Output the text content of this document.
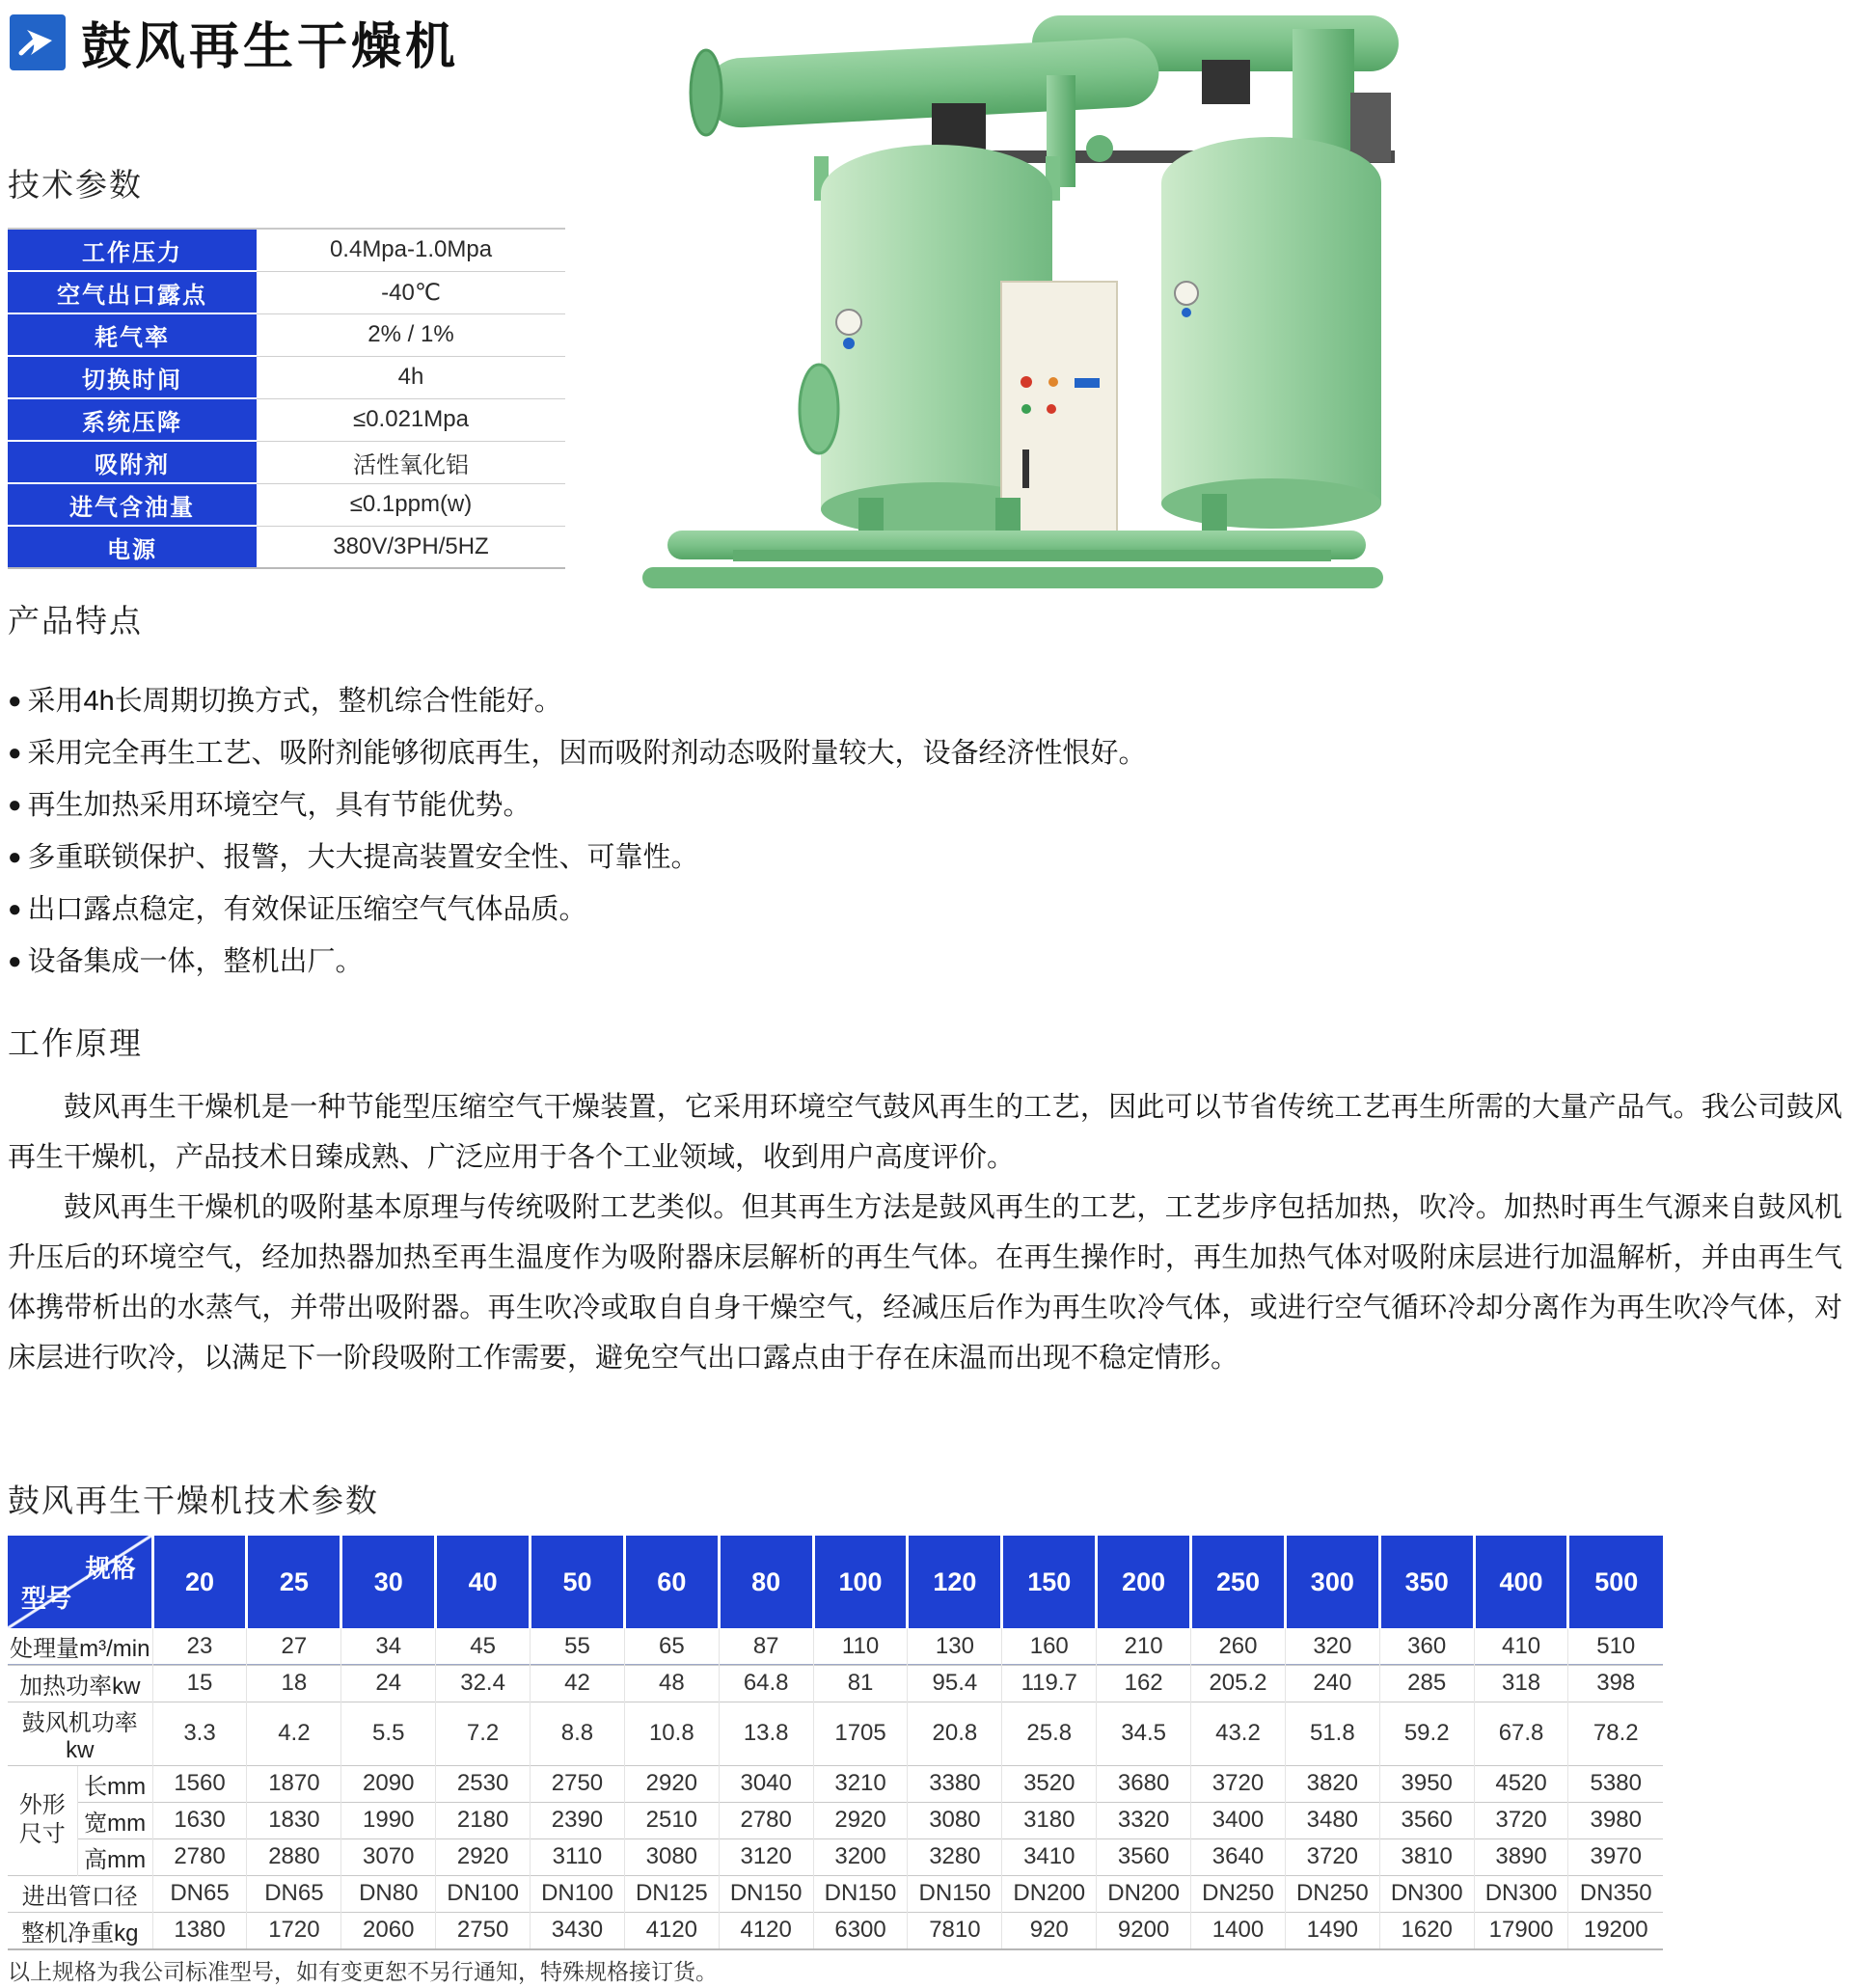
鼓风再生干燥机
技术参数
工作压力	0.4Mpa-1.0Mpa
空气出口露点	-40℃
耗气率	2% / 1%
切换时间	4h
系统压降	≤0.021Mpa
吸附剂	活性氧化铝
进气含油量	≤0.1ppm(w)
电源	380V/3PH/5HZ
产品特点
● 采用4h长周期切换方式，整机综合性能好。
● 采用完全再生工艺、吸附剂能够彻底再生，因而吸附剂动态吸附量较大，设备经济性恨好。
● 再生加热采用环境空气，具有节能优势。
● 多重联锁保护、报警，大大提高装置安全性、可靠性。
● 出口露点稳定，有效保证压缩空气气体品质。
● 设备集成一体，整机出厂。
工作原理

鼓风再生干燥机是一种节能型压缩空气干燥装置，它采用环境空气鼓风再生的工艺，因此可以节省传统工艺再生所需的大量产品气。我公司鼓风再生干燥机，产品技术日臻成熟、广泛应用于各个工业领域，收到用户高度评价。

鼓风再生干燥机的吸附基本原理与传统吸附工艺类似。但其再生方法是鼓风再生的工艺，工艺步序包括加热，吹冷。加热时再生气源来自鼓风机升压后的环境空气，经加热器加热至再生温度作为吸附器床层解析的再生气体。在再生操作时，再生加热气体对吸附床层进行加温解析，并由再生气体携带析出的水蒸气，并带出吸附器。再生吹冷或取自自身干燥空气，经减压后作为再生吹冷气体，或进行空气循环冷却分离作为再生吹冷气体，对床层进行吹冷，以满足下一阶段吸附工作需要，避免空气出口露点由于存在床温而出现不稳定情形。

鼓风再生干燥机技术参数
规格
型号		20	25	30	40	50	60	80	100	120	150	200	250	300	350	400	500
处理量m³/min		23	27	34	45	55	65	87	110	130	160	210	260	320	360	410	510
加热功率kw		15	18	24	32.4	42	48	64.8	81	95.4	119.7	162	205.2	240	285	318	398
鼓风机功率kw		3.3	4.2	5.5	7.2	8.8	10.8	13.8	1705	20.8	25.8	34.5	43.2	51.8	59.2	67.8	78.2
外形
尺寸	长mm	1560	1870	2090	2530	2750	2920	3040	3210	3380	3520	3680	3720	3820	3950	4520	5380
	宽mm	1630	1830	1990	2180	2390	2510	2780	2920	3080	3180	3320	3400	3480	3560	3720	3980
	高mm	2780	2880	3070	2920	3110	3080	3120	3200	3280	3410	3560	3640	3720	3810	3890	3970
进出管口径		DN65	DN65	DN80	DN100	DN100	DN125	DN150	DN150	DN150	DN200	DN200	DN250	DN250	DN300	DN300	DN350
整机净重kg		1380	1720	2060	2750	3430	4120	4120	6300	7810	920	9200	1400	1490	1620	17900	19200
以上规格为我公司标准型号，如有变更恕不另行通知，特殊规格接订货。
